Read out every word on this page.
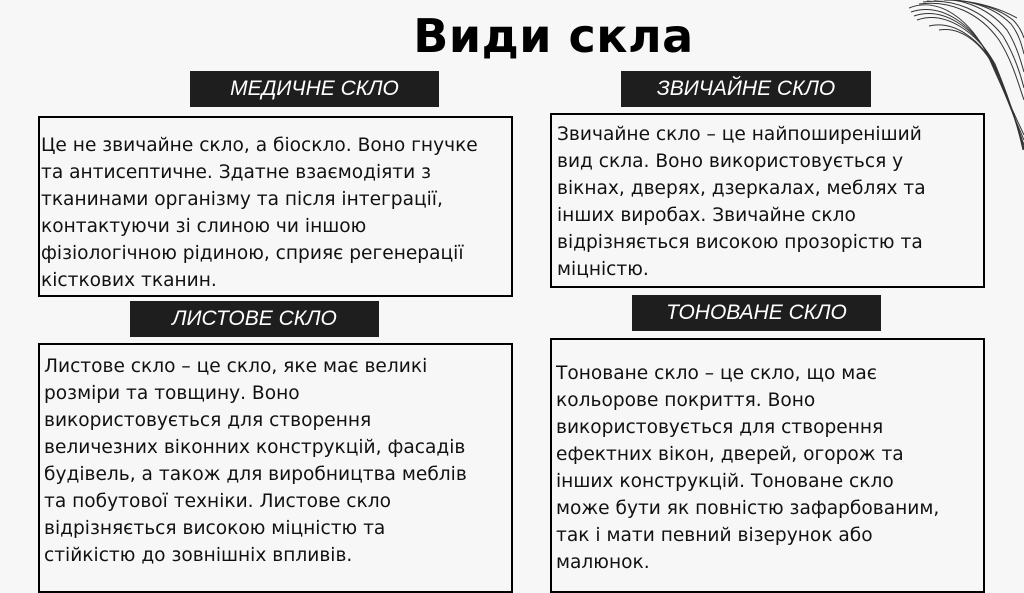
Види скла
МЕДИЧНЕ СКЛО
Це не звичайне скло, а біоскло. Воно гнучке
та антисептичне. Здатне взаємодіяти з
тканинами організму та після інтеграції,
контактуючи зі слиною чи іншою
фізіологічною рідиною, сприяє регенерації
кісткових тканин.
ЗВИЧАЙНЕ СКЛО
Звичайне скло – це найпоширеніший
вид скла. Воно використовується у
вікнах, дверях, дзеркалах, меблях та
інших виробах. Звичайне скло
відрізняється високою прозорістю та
міцністю.
ЛИСТОВЕ СКЛО
Листове скло – це скло, яке має великі
розміри та товщину. Воно
використовується для створення
величезних віконних конструкцій, фасадів
будівель, а також для виробництва меблів
та побутової техніки. Листове скло
відрізняється високою міцністю та
стійкістю до зовнішніх впливів.
ТОНОВАНЕ СКЛО
Тоноване скло – це скло, що має
кольорове покриття. Воно
використовується для створення
ефектних вікон, дверей, огорож та
інших конструкцій. Тоноване скло
може бути як повністю зафарбованим,
так і мати певний візерунок або
малюнок.
